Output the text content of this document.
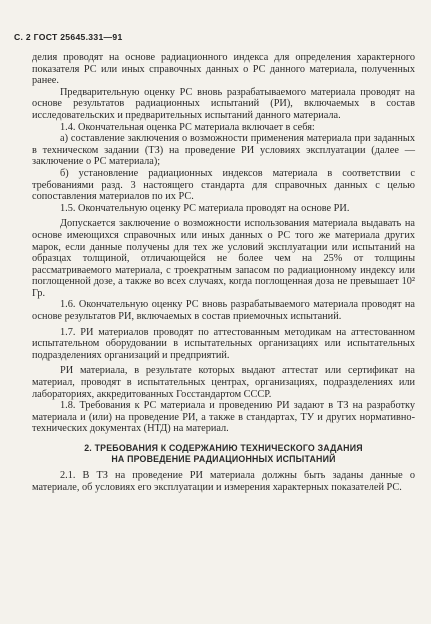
С. 2 ГОСТ 25645.331—91

делия проводят на основе радиационного индекса для определения характерного показателя РС или иных справочных данных о РС данного материала, полученных ранее.

Предварительную оценку РС вновь разрабатываемого материала проводят на основе результатов радиационных испытаний (РИ), включаемых в состав исследовательских и предварительных испытаний данного материала.

1.4. Окончательная оценка РС материала включает в себя:

а) составление заключения о возможности применения материала при заданных в техническом задании (ТЗ) на проведение РИ условиях эксплуатации (далее — заключение о РС материала);

б) установление радиационных индексов материала в соответствии с требованиями разд. 3 настоящего стандарта для справочных данных с целью сопоставления материалов по их РС.

1.5. Окончательную оценку РС материала проводят на основе РИ.

Допускается заключение о возможности использования материала выдавать на основе имеющихся справочных или иных данных о РС того же материала других марок, если данные получены для тех же условий эксплуатации или испытаний на образцах толщиной, отличающейся не более чем на 25% от толщины рассматриваемого материала, с троекратным запасом по радиационному индексу или поглощенной дозе, а также во всех случаях, когда поглощенная доза не превышает 10² Гр.

1.6. Окончательную оценку РС вновь разрабатываемого материала проводят на основе результатов РИ, включаемых в состав приемочных испытаний.

1.7. РИ материалов проводят по аттестованным методикам на аттестованном испытательном оборудовании в испытательных организациях или испытательных подразделениях организаций и предприятий.

РИ материала, в результате которых выдают аттестат или сертификат на материал, проводят в испытательных центрах, организациях, подразделениях или лабораториях, аккредитованных Госстандартом СССР.

1.8. Требования к РС материала и проведению РИ задают в ТЗ на разработку материала и (или) на проведение РИ, а также в стандартах, ТУ и других нормативно-технических документах (НТД) на материал.

2. ТРЕБОВАНИЯ К СОДЕРЖАНИЮ ТЕХНИЧЕСКОГО ЗАДАНИЯ
НА ПРОВЕДЕНИЕ РАДИАЦИОННЫХ ИСПЫТАНИЙ

2.1. В ТЗ на проведение РИ материала должны быть заданы данные о материале, об условиях его эксплуатации и измерения характерных показателей РС.
